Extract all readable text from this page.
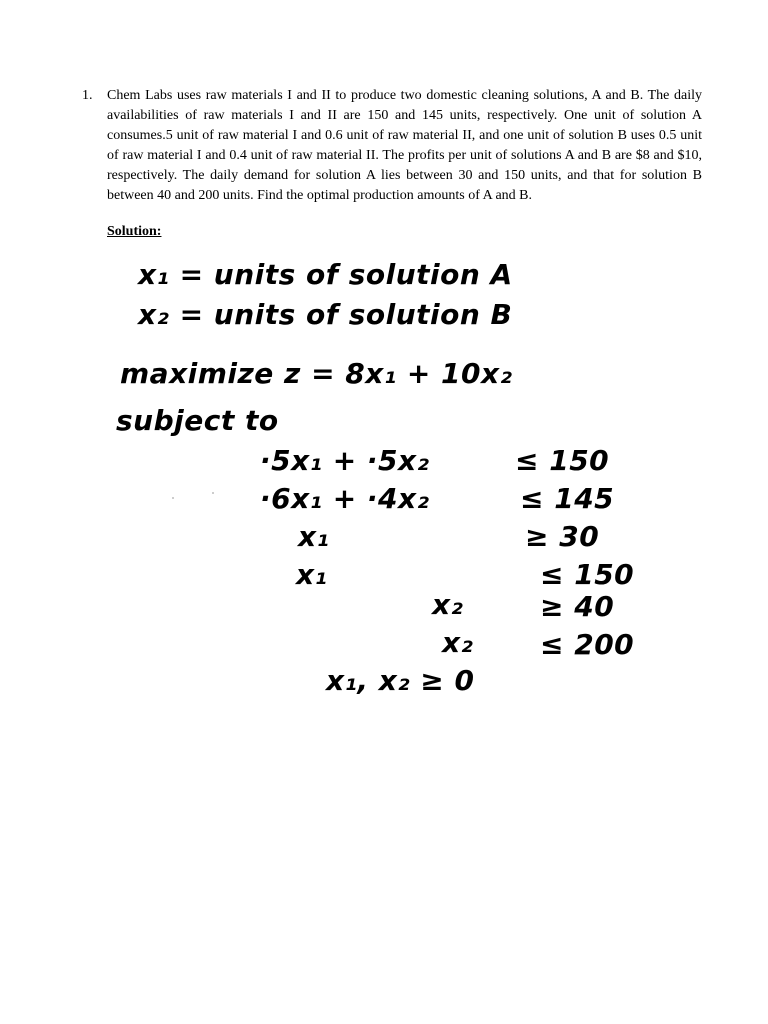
1.	Chem Labs uses raw materials I and II to produce two domestic cleaning solutions, A and B. The daily availabilities of raw materials I and II are 150 and 145 units, respectively. One unit of solution A consumes.5 unit of raw material I and 0.6 unit of raw material II, and one unit of solution B uses 0.5 unit of raw material I and 0.4 unit of raw material II. The profits per unit of solutions A and B are $8 and $10, respectively. The daily demand for solution A lies between 30 and 150 units, and that for solution B between 40 and 200 units. Find the optimal production amounts of A and B.
Solution:
x₁ = units of solution A
x₂ = units of solution B
maximize z = 8x₁ + 10x₂
subject to
·5x₁ + ·5x₂	≤ 150
·6x₁ + ·4x₂	≤ 145
x₁	≥ 30
x₁	≤ 150
x₂	≥ 40
x₂ ≤ 200
x₁, x₂ ≥ 0
